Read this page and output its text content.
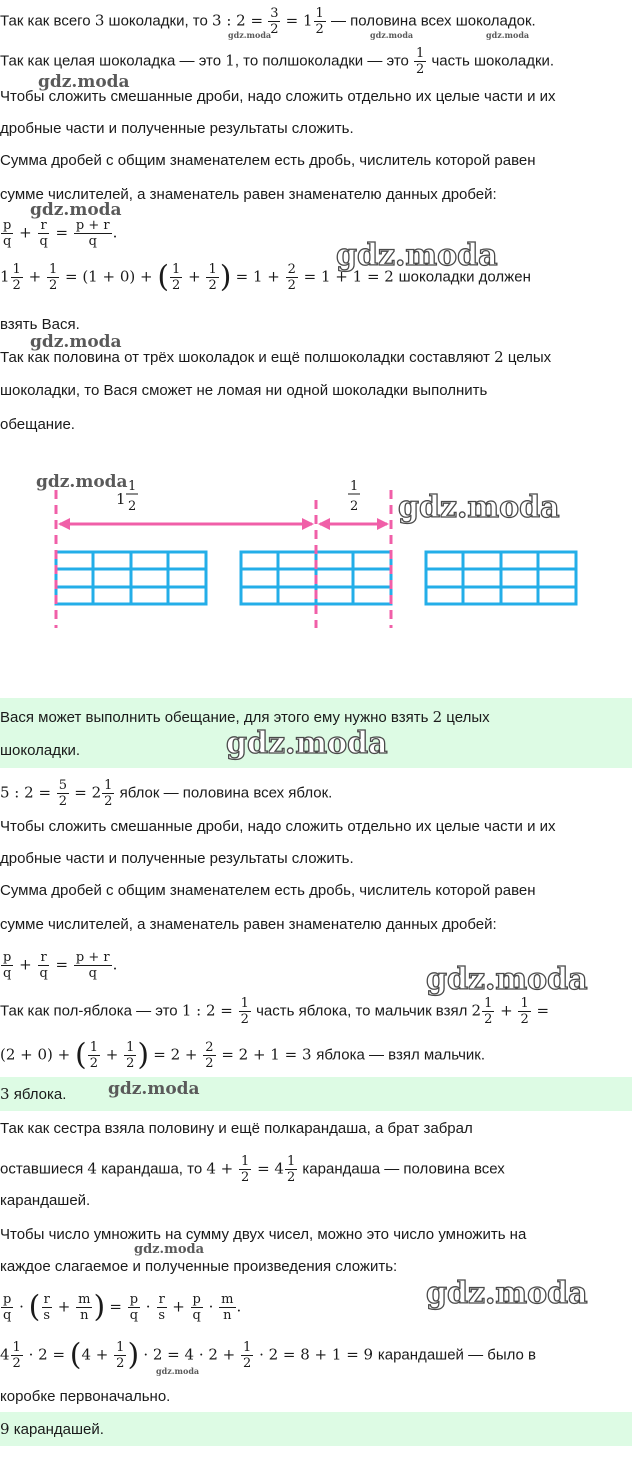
Так как всего 3 шоколадки, то 3 : $2 = \frac{3}{2} = 1 \frac{1}{2}$ — половина всех шоколадок.
Так как целая шоколадка — это 1, то полшоколадки — это $\frac{1}{2}$ часть шоколадки.
Чтобы сложить смешанные дроби, надо сложить отдельно их целые части и их
дробные части и полученные результаты сложить.
Сумма дробей с общим знаменателем есть дробь, числитель которой равен
сумме числителей, а знаменатель равен знаменателю данных дробей:
$\frac{p}{q} + \frac{r}{q} = \frac{p + r}{q}$ .
$1 \frac{1}{2} + \frac{1}{2} = (1 + 0)$ + ( $\frac{1}{2} + \frac{1}{2}$ ) = $1 + \frac{2}{2} = 1 + 1 = 2$ шоколадки должен
взять Вася.
Так как половина от трёх шоколадок и ещё полшоколадки составляют 2 целых
шоколадки, то Вася сможет не ломая ни одной шоколадки выполнить
обещание.
1
1
2
1
2
Вася может выполнить обещание, для этого ему нужно взять 2 целых
шоколадки.
5 : $2 = \frac{5}{2} = 2 \frac{1}{2}$ яблок — половина всех яблок.
Чтобы сложить смешанные дроби, надо сложить отдельно их целые части и их
дробные части и полученные результаты сложить.
Сумма дробей с общим знаменателем есть дробь, числитель которой равен
сумме числителей, а знаменатель равен знаменателю данных дробей:
$\frac{p}{q} + \frac{r}{q} = \frac{p + r}{q}$ .
Так как пол-яблока — это 1 : $2 = \frac{1}{2}$ часть яблока, то мальчик взял $2 \frac{1}{2} + \frac{1}{2}$ =
(2 + 0) + ( $\frac{1}{2} + \frac{1}{2}$ ) = $2 + \frac{2}{2} = 2 + 1 = 3$ яблока — взял мальчик.
3 яблока.
Так как сестра взяла половину и ещё полкарандаша, а брат забрал
оставшиеся 4 карандаша, то $4 + \frac{1}{2} = 4 \frac{1}{2}$ карандаша — половина всех
карандашей.
Чтобы число умножить на сумму двух чисел, можно это число умножить на
каждое слагаемое и полученные произведения сложить:
$\frac{p}{q}$ · ( $\frac{r}{s} + \frac{m}{n}$ ) = $\frac{p}{q} \cdot \frac{r}{s} + \frac{p}{q} \cdot \frac{m}{n}$ .
$4 \frac{1}{2} \cdot 2 = (4 + \frac{1}{2}$ ) · $2 = 4 \cdot 2 + \frac{1}{2} \cdot 2 = 8 + 1 = 9$ карандашей — было в
коробке первоначально.
9 карандашей.
gdz.moda	gdz.moda	gdz.moda
gdz.moda
gdz.moda
gdz.moda
gdz.moda
gdz.moda
gdz.moda
gdz.moda
gdz.moda
gdz.moda
gdz.moda
gdz.moda
gdz.moda
